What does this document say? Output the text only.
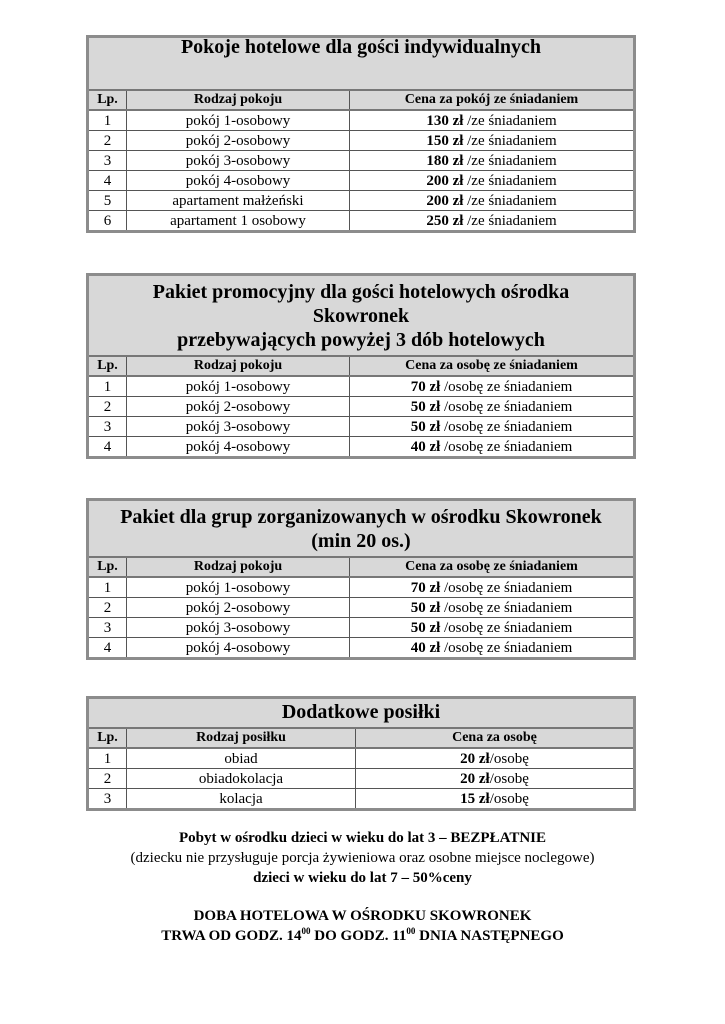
Pokoje hotelowe dla gości indywidualnych		
Lp.	Rodzaj pokoju	Cena za pokój ze śniadaniem
1	pokój 1-osobowy	130 zł /ze śniadaniem
2	pokój 2-osobowy	150 zł /ze śniadaniem
3	pokój 3-osobowy	180 zł /ze śniadaniem
4	pokój 4-osobowy	200 zł /ze śniadaniem
5	apartament małżeński	200 zł /ze śniadaniem
6	apartament 1 osobowy	250 zł /ze śniadaniem
Pakiet promocyjny dla gości hotelowych ośrodka
Skowronek
przebywających powyżej 3 dób hotelowych		
Lp.	Rodzaj pokoju	Cena za osobę ze śniadaniem
1	pokój 1-osobowy	70 zł /osobę ze śniadaniem
2	pokój 2-osobowy	50 zł /osobę ze śniadaniem
3	pokój 3-osobowy	50 zł /osobę ze śniadaniem
4	pokój 4-osobowy	40 zł /osobę ze śniadaniem
Pakiet dla grup zorganizowanych w ośrodku Skowronek
(min 20 os.)		
Lp.	Rodzaj pokoju	Cena za osobę ze śniadaniem
1	pokój 1-osobowy	70 zł /osobę ze śniadaniem
2	pokój 2-osobowy	50 zł /osobę ze śniadaniem
3	pokój 3-osobowy	50 zł /osobę ze śniadaniem
4	pokój 4-osobowy	40 zł /osobę ze śniadaniem
Dodatkowe posiłki		
Lp.	Rodzaj posiłku	Cena za osobę
1	obiad	20 zł/osobę
2	obiadokolacja	20 zł/osobę
3	kolacja	15 zł/osobę
Pobyt w ośrodku dzieci w wieku do lat 3 – BEZPŁATNIE
(dziecku nie przysługuje porcja żywieniowa oraz osobne miejsce noclegowe)
dzieci w wieku do lat 7 – 50%ceny
DOBA HOTELOWA W OŚRODKU SKOWRONEK
TRWA OD GODZ. $14^{00}$ DO GODZ. $11^{00}$ DNIA NASTĘPNEGO
